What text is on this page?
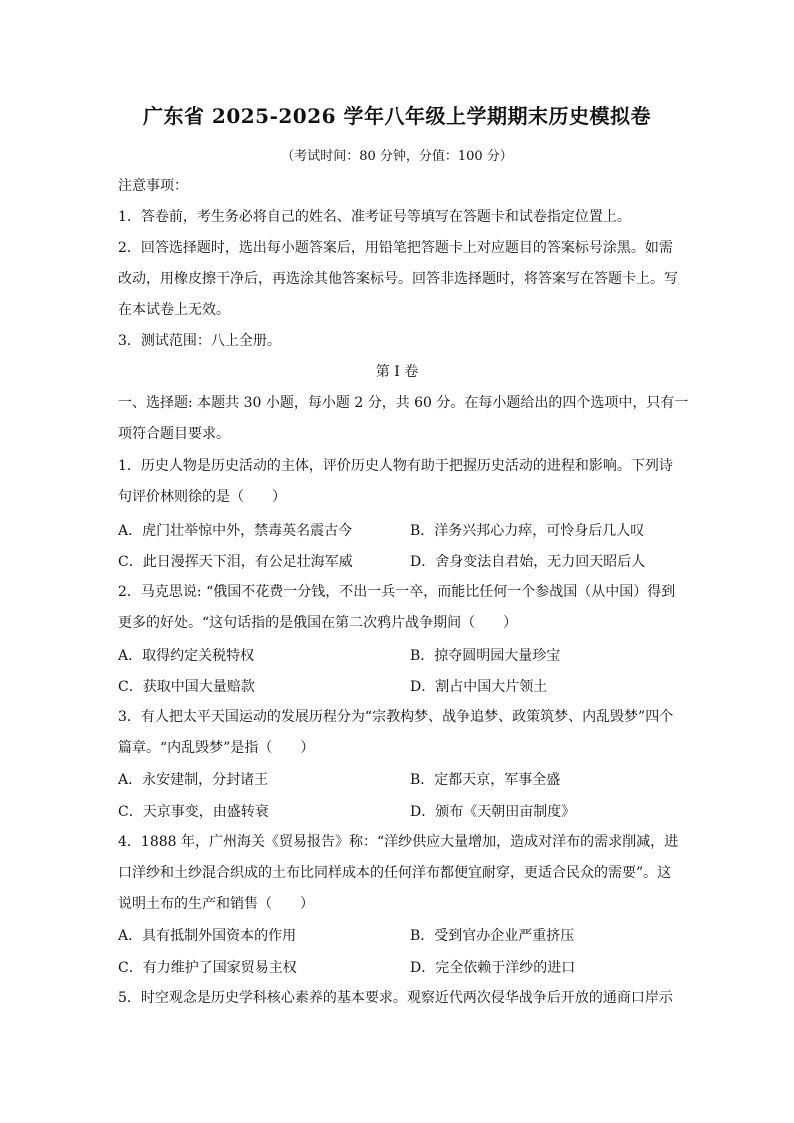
广东省 2025-2026 学年八年级上学期期末历史模拟卷
（考试时间：80 分钟，分值：100 分）
注意事项：
1．答卷前，考生务必将自己的姓名、准考证号等填写在答题卡和试卷指定位置上。
2．回答选择题时，选出每小题答案后，用铅笔把答题卡上对应题目的答案标号涂黑。如需
改动，用橡皮擦干净后，再选涂其他答案标号。回答非选择题时，将答案写在答题卡上。写
在本试卷上无效。
3．测试范围：八上全册。
第 I 卷
一、选择题: 本题共 30 小题，每小题 2 分，共 60 分。在每小题给出的四个选项中，只有一
项符合题目要求。
1．历史人物是历史活动的主体，评价历史人物有助于把握历史活动的进程和影响。下列诗
句评价林则徐的是（　　）
A．虎门壮举惊中外，禁毒英名震古今	B．洋务兴邦心力瘁，可怜身后几人叹
C．此日漫挥天下泪，有公足壮海军威	D．舍身变法自君始，无力回天昭后人
2．马克思说: “俄国不花费一分钱，不出一兵一卒，而能比任何一个参战国（从中国）得到
更多的好处。“这句话指的是俄国在第二次鸦片战争期间（　　）
A．取得约定关税特权	B．掠夺圆明园大量珍宝
C．获取中国大量赔款	D．割占中国大片领土
3．有人把太平天国运动的发展历程分为“宗教构梦、战争追梦、政策筑梦、内乱毁梦”四个
篇章。“内乱毁梦”是指（　　）
A．永安建制，分封诸王	B．定都天京，军事全盛
C．天京事变，由盛转衰	D．颁布《天朝田亩制度》
4．1888 年，广州海关《贸易报告》称：“洋纱供应大量增加，造成对洋布的需求削减，进
口洋纱和土纱混合织成的土布比同样成本的任何洋布都便宜耐穿，更适合民众的需要”。这
说明土布的生产和销售（　　）
A．具有抵制外国资本的作用	B．受到官办企业严重挤压
C．有力维护了国家贸易主权	D．完全依赖于洋纱的进口
5．时空观念是历史学科核心素养的基本要求。观察近代两次侵华战争后开放的通商口岸示
